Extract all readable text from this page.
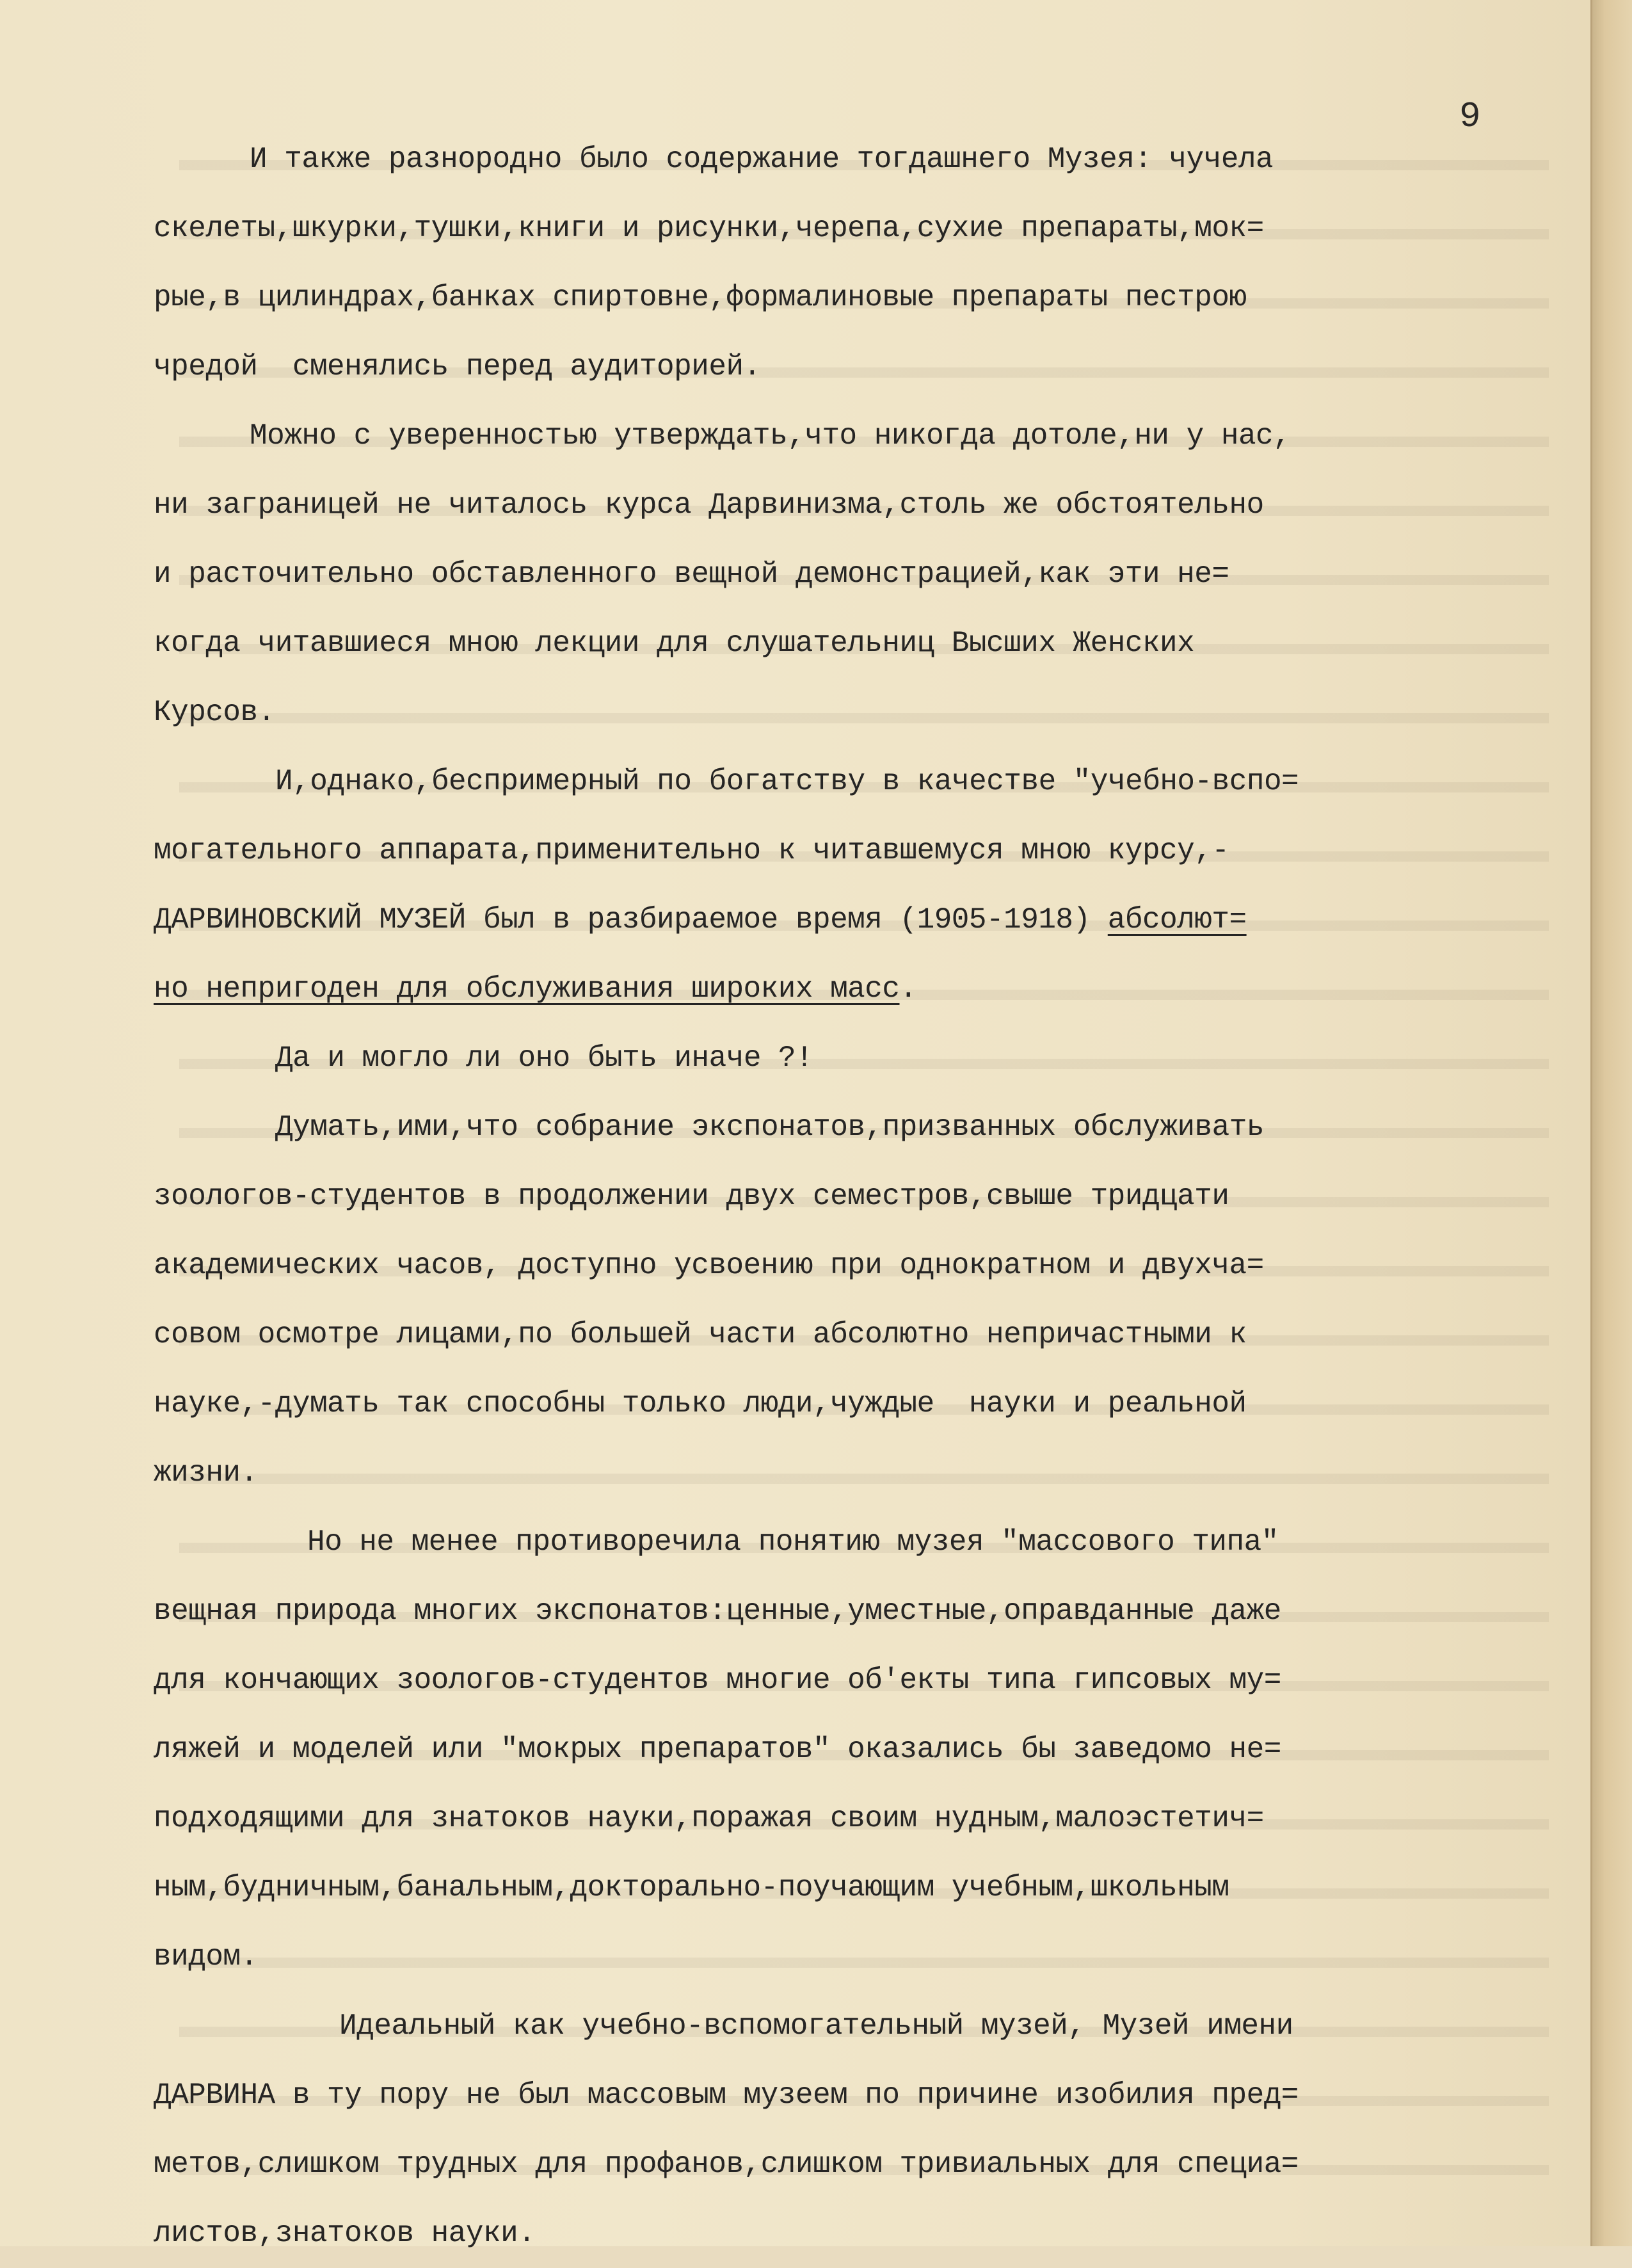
9
И также разнородно было содержание тогдашнего Музея: чучела
скелеты,шкурки,тушки,книги и рисунки,черепа,сухие препараты,мок=
рые,в цилиндрах,банках спиртовне,формалиновые препараты пестрою
чредой  сменялись перед аудиторией.
Можно с уверенностью утверждать,что никогда дотоле,ни у нас,
ни заграницей не читалось курса Дарвинизма,столь же обстоятельно
и расточительно обставленного вещной демонстрацией,как эти не=
когда читавшиеся мною лекции для слушательниц Высших Женских
Курсов.
И,однако,беспримерный по богатству в качестве "учебно-вспо=
могательного аппарата,применительно к читавшемуся мною курсу,-
ДАРВИНОВСКИЙ МУЗЕЙ был в разбираемое время (1905-1918) абсолют=
но непригоден для обслуживания широких масс.
Да и могло ли оно быть иначе ?!
Думать,ими,что собрание экспонатов,призванных обслуживать
зоологов-студентов в продолжении двух семестров,свыше тридцати
академических часов, доступно усвоению при однократном и двухча=
совом осмотре лицами,по большей части абсолютно непричастными к
науке,-думать так способны только люди,чуждые  науки и реальной
жизни.
Но не менее противоречила понятию музея "массового типа"
вещная природа многих экспонатов:ценные,уместные,оправданные даже
для кончающих зоологов-студентов многие об'екты типа гипсовых му=
ляжей и моделей или "мокрых препаратов" оказались бы заведомо не=
подходящими для знатоков науки,поражая своим нудным,малоэстетич=
ным,будничным,банальным,докторально-поучающим учебным,школьным
видом.
Идеальный как учебно-вспомогательный музей, Музей имени
ДАРВИНА в ту пору не был массовым музеем по причине изобилия пред=
метов,слишком трудных для профанов,слишком тривиальных для специа=
листов,знатоков науки.
